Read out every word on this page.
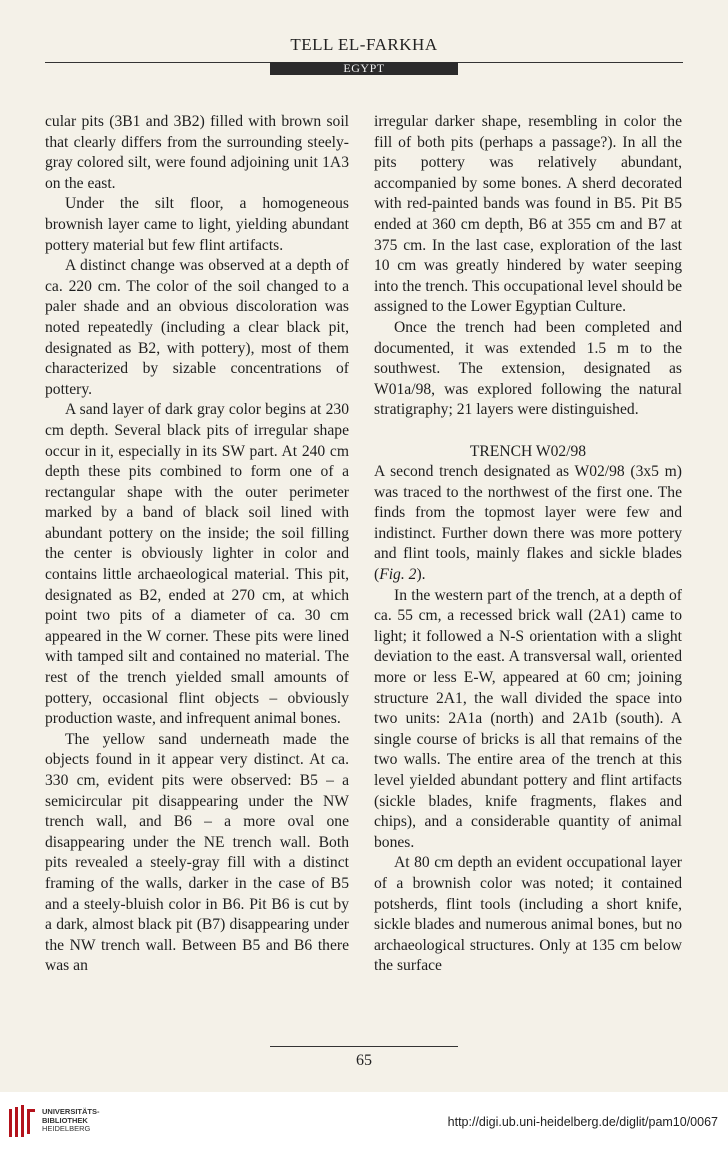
TELL EL-FARKHA
EGYPT

cular pits (3B1 and 3B2) filled with brown soil that clearly differs from the surrounding steely-gray colored silt, were found adjoining unit 1A3 on the east.

Under the silt floor, a homogeneous brownish layer came to light, yielding abundant pottery material but few flint artifacts.

A distinct change was observed at a depth of ca. 220 cm. The color of the soil changed to a paler shade and an obvious discoloration was noted repeatedly (including a clear black pit, designated as B2, with pottery), most of them characterized by sizable concentrations of pottery.

A sand layer of dark gray color begins at 230 cm depth. Several black pits of irregular shape occur in it, especially in its SW part. At 240 cm depth these pits combined to form one of a rectangular shape with the outer perimeter marked by a band of black soil lined with abundant pottery on the inside; the soil filling the center is obviously lighter in color and contains little archaeological material. This pit, designated as B2, ended at 270 cm, at which point two pits of a diameter of ca. 30 cm appeared in the W corner. These pits were lined with tamped silt and contained no material. The rest of the trench yielded small amounts of pottery, occasional flint objects – obviously production waste, and infrequent animal bones.

The yellow sand underneath made the objects found in it appear very distinct. At ca. 330 cm, evident pits were observed: B5 – a semicircular pit disappearing under the NW trench wall, and B6 – a more oval one disappearing under the NE trench wall. Both pits revealed a steely-gray fill with a distinct framing of the walls, darker in the case of B5 and a steely-bluish color in B6. Pit B6 is cut by a dark, almost black pit (B7) disappearing under the NW trench wall. Between B5 and B6 there was an

irregular darker shape, resembling in color the fill of both pits (perhaps a passage?). In all the pits pottery was relatively abundant, accompanied by some bones. A sherd decorated with red-painted bands was found in B5. Pit B5 ended at 360 cm depth, B6 at 355 cm and B7 at 375 cm. In the last case, exploration of the last 10 cm was greatly hindered by water seeping into the trench. This occupational level should be assigned to the Lower Egyptian Culture.

Once the trench had been completed and documented, it was extended 1.5 m to the southwest. The extension, designated as W01a/98, was explored following the natural stratigraphy; 21 layers were distinguished.

TRENCH W02/98

A second trench designated as W02/98 (3x5 m) was traced to the northwest of the first one. The finds from the topmost layer were few and indistinct. Further down there was more pottery and flint tools, mainly flakes and sickle blades (Fig. 2).

In the western part of the trench, at a depth of ca. 55 cm, a recessed brick wall (2A1) came to light; it followed a N-S orientation with a slight deviation to the east. A transversal wall, oriented more or less E-W, appeared at 60 cm; joining structure 2A1, the wall divided the space into two units: 2A1a (north) and 2A1b (south). A single course of bricks is all that remains of the two walls. The entire area of the trench at this level yielded abundant pottery and flint artifacts (sickle blades, knife fragments, flakes and chips), and a considerable quantity of animal bones.

At 80 cm depth an evident occupational layer of a brownish color was noted; it contained potsherds, flint tools (including a short knife, sickle blades and numerous animal bones, but no archaeological structures. Only at 135 cm below the surface

65
UNIVERSITÄTS-
BIBLIOTHEK
HEIDELBERG	http://digi.ub.uni-heidelberg.de/diglit/pam10/0067
